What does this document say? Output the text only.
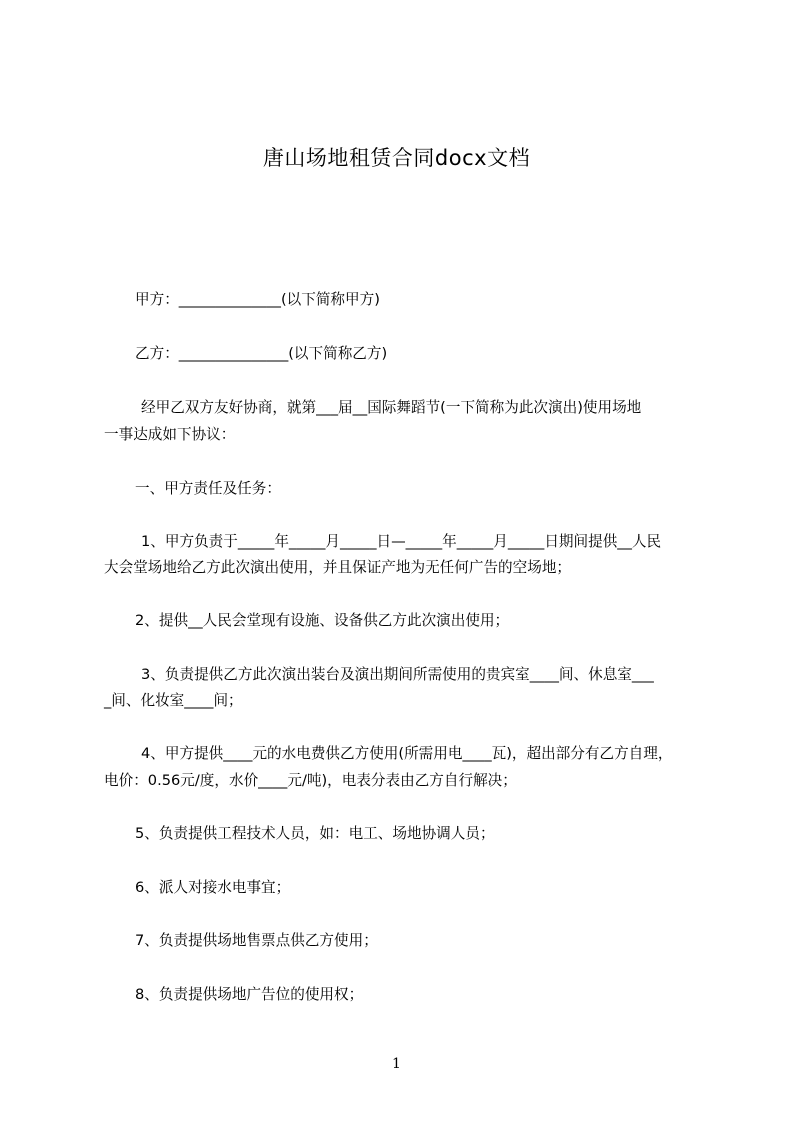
唐山场地租赁合同docx文档
甲方：______________(以下简称甲方)
乙方：_______________(以下简称乙方)
经甲乙双方友好协商，就第___届__国际舞蹈节(一下简称为此次演出)使用场地
一事达成如下协议：
一、甲方责任及任务：
1、甲方负责于_____年_____月_____日—_____年_____月_____日期间提供__人民
大会堂场地给乙方此次演出使用，并且保证产地为无任何广告的空场地；
2、提供__人民会堂现有设施、设备供乙方此次演出使用；
3、负责提供乙方此次演出装台及演出期间所需使用的贵宾室____间、休息室___
_间、化妆室____间；
4、甲方提供____元的水电费供乙方使用(所需用电____瓦)，超出部分有乙方自理，
电价：0.56元/度，水价____元/吨)，电表分表由乙方自行解决；
5、负责提供工程技术人员，如：电工、场地协调人员；
6、派人对接水电事宜；
7、负责提供场地售票点供乙方使用；
8、负责提供场地广告位的使用权；
1
